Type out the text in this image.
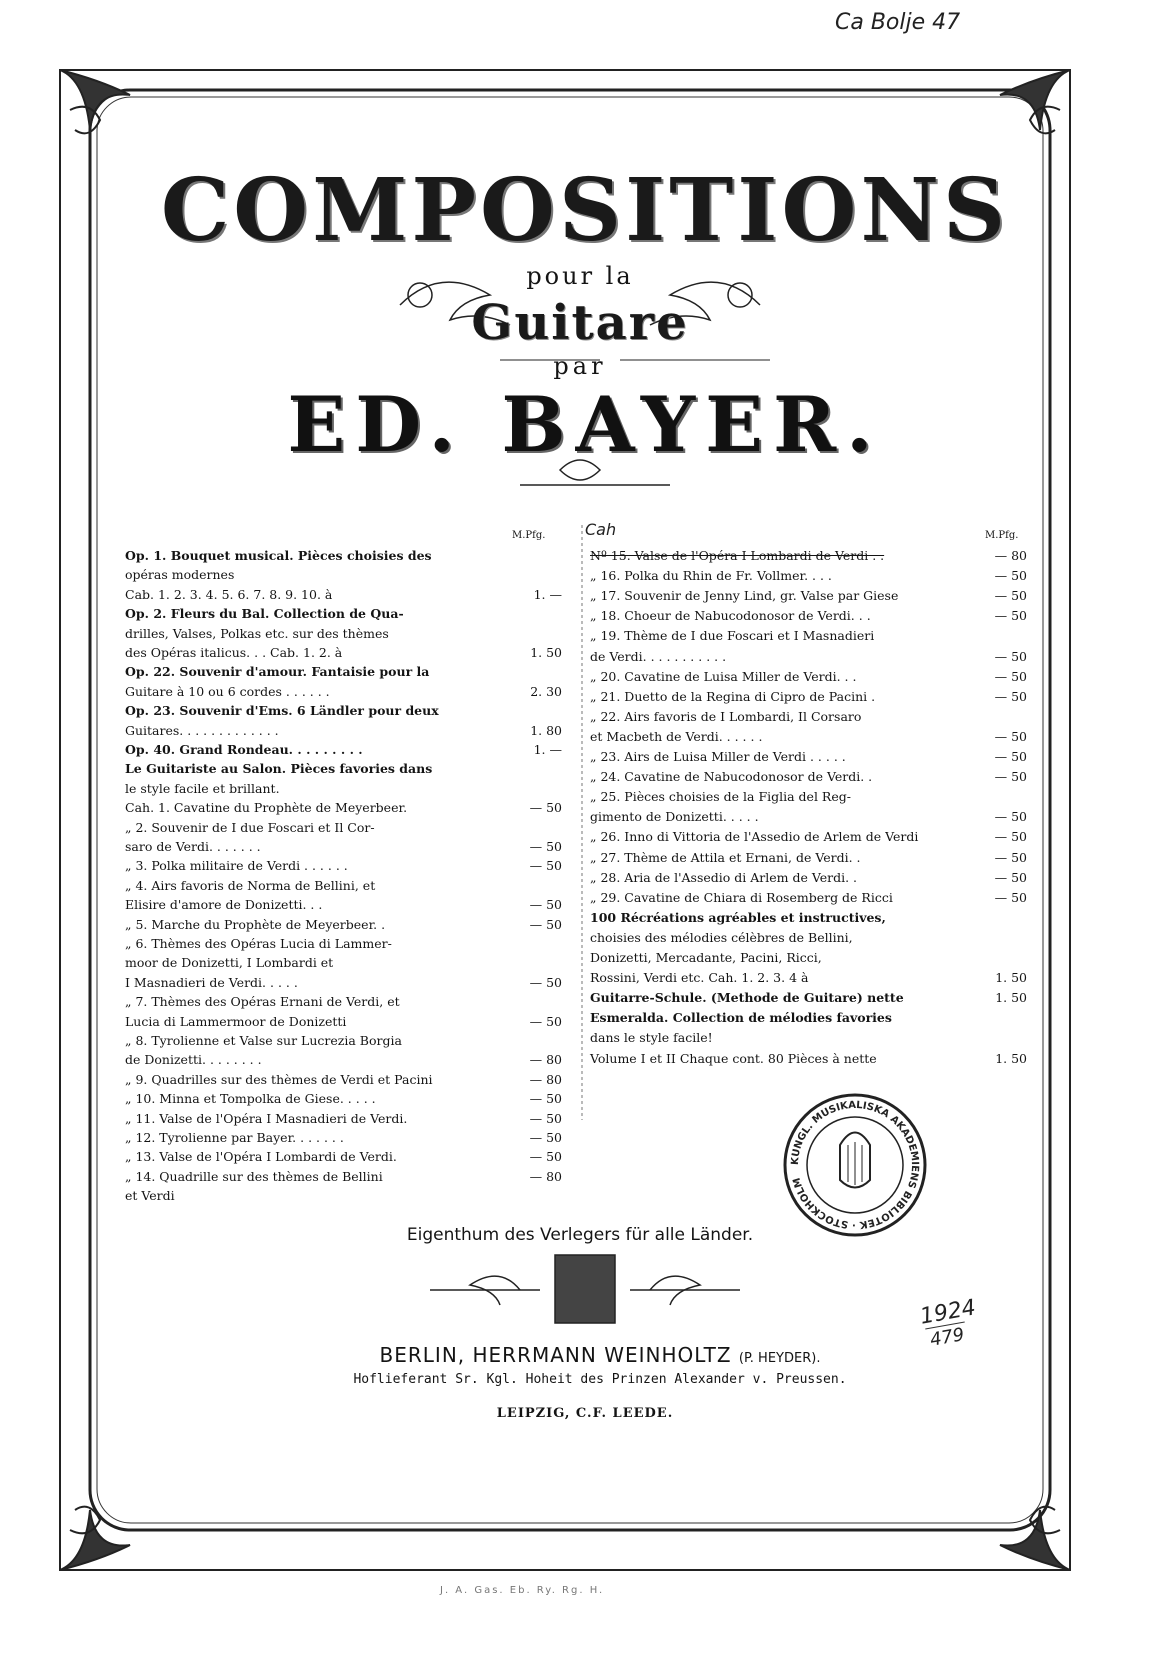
Ca Bolje 47
COMPOSITIONS
pour la
Guitare
par
ED. BAYER.
M.Pfg.	M.Pfg.
Cah
Op. 1. Bouquet musical. Pièces choisies des
opéras modernes
Cab. 1. 2. 3. 4. 5. 6. 7. 8. 9. 10. à	1. —
Op. 2. Fleurs du Bal. Collection de Qua-
drilles, Valses, Polkas etc. sur des thèmes
des Opéras italicus. . . Cab. 1. 2. à	1. 50
Op. 22. Souvenir d'amour. Fantaisie pour la
Guitare à 10 ou 6 cordes . . . . . .	2. 30
Op. 23. Souvenir d'Ems. 6 Ländler pour deux
Guitares. . . . . . . . . . . . .	1. 80
Op. 40. Grand Rondeau. . . . . . . . .	1. —
Le Guitariste au Salon. Pièces favories dans
le style facile et brillant.
Cah. 1. Cavatine du Prophète de Meyerbeer.	— 50
„ 2. Souvenir de I due Foscari et Il Cor-
saro de Verdi. . . . . . .	— 50
„ 3. Polka militaire de Verdi . . . . . .	— 50
„ 4. Airs favoris de Norma de Bellini, et
Elisire d'amore de Donizetti. . .	— 50
„ 5. Marche du Prophète de Meyerbeer. .	— 50
„ 6. Thèmes des Opéras Lucia di Lammer-
moor de Donizetti, I Lombardi et
I Masnadieri de Verdi. . . . .	— 50
„ 7. Thèmes des Opéras Ernani de Verdi, et
Lucia di Lammermoor de Donizetti	— 50
„ 8. Tyrolienne et Valse sur Lucrezia Borgia
de Donizetti. . . . . . . .	— 80
„ 9. Quadrilles sur des thèmes de Verdi et Pacini	— 80
„ 10. Minna et Tompolka de Giese. . . . .	— 50
„ 11. Valse de l'Opéra I Masnadieri de Verdi.	— 50
„ 12. Tyrolienne par Bayer. . . . . . .	— 50
„ 13. Valse de l'Opéra I Lombardi de Verdi.	— 50
„ 14. Quadrille sur des thèmes de Bellini	— 80
et Verdi
Nº 15. Valse de l'Opéra I Lombardi de Verdi . .	— 80
„ 16. Polka du Rhin de Fr. Vollmer. . . .	— 50
„ 17. Souvenir de Jenny Lind, gr. Valse par Giese	— 50
„ 18. Choeur de Nabucodonosor de Verdi. . .	— 50
„ 19. Thème de I due Foscari et I Masnadieri
de Verdi. . . . . . . . . . .	— 50
„ 20. Cavatine de Luisa Miller de Verdi. . .	— 50
„ 21. Duetto de la Regina di Cipro de Pacini .	— 50
„ 22. Airs favoris de I Lombardi, Il Corsaro
et Macbeth de Verdi. . . . . .	— 50
„ 23. Airs de Luisa Miller de Verdi . . . . .	— 50
„ 24. Cavatine de Nabucodonosor de Verdi. .	— 50
„ 25. Pièces choisies de la Figlia del Reg-
gimento de Donizetti. . . . .	— 50
„ 26. Inno di Vittoria de l'Assedio de Arlem de Verdi	— 50
„ 27. Thème de Attila et Ernani, de Verdi. .	— 50
„ 28. Aria de l'Assedio di Arlem de Verdi. .	— 50
„ 29. Cavatine de Chiara di Rosemberg de Ricci	— 50
100 Récréations agréables et instructives,
choisies des mélodies célèbres de Bellini,
Donizetti, Mercadante, Pacini, Ricci,
Rossini, Verdi etc. Cah. 1. 2. 3. 4 à	1. 50
Guitarre-Schule. (Methode de Guitare) nette	1. 50
Esmeralda. Collection de mélodies favories
dans le style facile!
Volume I et II Chaque cont. 80 Pièces à nette	1. 50
KUNGL. MUSIKALISKA AKADEMIENS BIBLIOTEK · STOCKHOLM
Eigenthum des Verlegers für alle Länder.
BERLIN, HERRMANN WEINHOLTZ (P. HEYDER).
Hoflieferant Sr. Kgl. Hoheit des Prinzen Alexander v. Preussen.
LEIPZIG, C.F. LEEDE.
1924
479
J. A. Gas. Eb. Ry. Rg. H.
